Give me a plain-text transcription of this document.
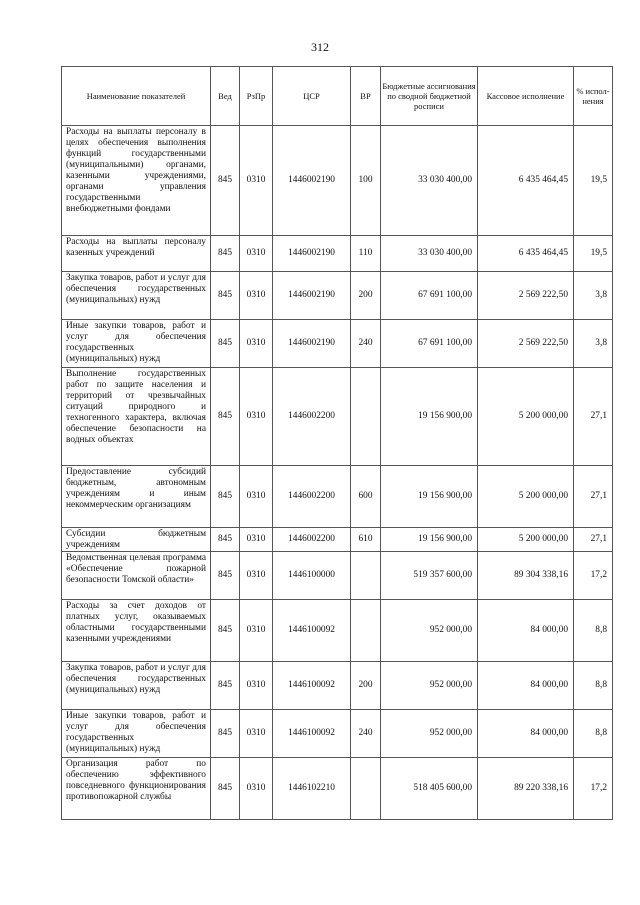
312
Наименование показателей	Вед	РзПр	ЦСР	ВР	Бюджетные ассигнования по сводной бюджетной росписи	Кассовое исполнение	% испол-нения
Расходы на выплаты персоналу в целях обеспечения выполнения функций государственными (муниципальными) органами, казенными учреждениями, органами управления государственными внебюджетными фондами	845	0310	1446002190	100	33 030 400,00	6 435 464,45	19,5
Расходы на выплаты персоналу казенных учреждений	845	0310	1446002190	110	33 030 400,00	6 435 464,45	19,5
Закупка товаров, работ и услуг для обеспечения государственных (муниципальных) нужд	845	0310	1446002190	200	67 691 100,00	2 569 222,50	3,8
Иные закупки товаров, работ и услуг для обеспечения государственных (муниципальных) нужд	845	0310	1446002190	240	67 691 100,00	2 569 222,50	3,8
Выполнение государственных работ по защите населения и территорий от чрезвычайных ситуаций природного и техногенного характера, включая обеспечение безопасности на водных объектах	845	0310	1446002200		19 156 900,00	5 200 000,00	27,1
Предоставление субсидий бюджетным, автономным учреждениям и иным некоммерческим организациям	845	0310	1446002200	600	19 156 900,00	5 200 000,00	27,1
Субсидии бюджетным учреждениям	845	0310	1446002200	610	19 156 900,00	5 200 000,00	27,1
Ведомственная целевая программа «Обеспечение пожарной безопасности Томской области»	845	0310	1446100000		519 357 600,00	89 304 338,16	17,2
Расходы за счет доходов от платных услуг, оказываемых областными государственными казенными учреждениями	845	0310	1446100092		952 000,00	84 000,00	8,8
Закупка товаров, работ и услуг для обеспечения государственных (муниципальных) нужд	845	0310	1446100092	200	952 000,00	84 000,00	8,8
Иные закупки товаров, работ и услуг для обеспечения государственных (муниципальных) нужд	845	0310	1446100092	240	952 000,00	84 000,00	8,8
Организация работ по обеспечению эффективного повседневного функционирования противопожарной службы	845	0310	1446102210		518 405 600,00	89 220 338,16	17,2
